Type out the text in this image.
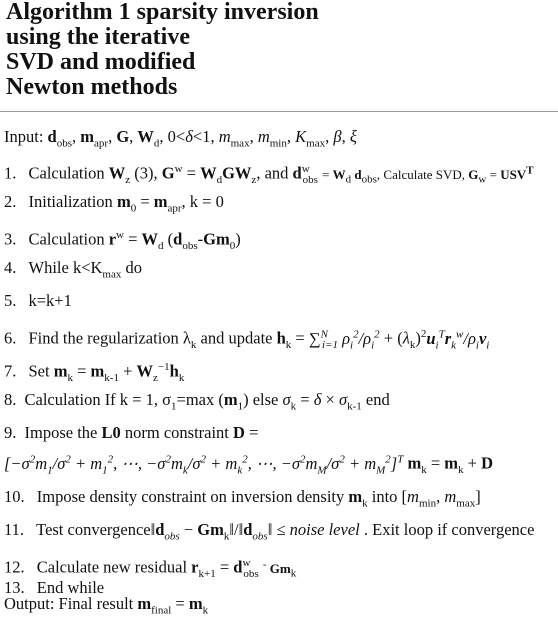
Algorithm 1 sparsity inversion
using the iterative
SVD and modified
Newton methods
Input: $d_{obs}$, $m_{apr}$, G, $W_d$, 0<δ<1, $m_{max}$, $m_{min}$, $K_{max}$, β, ξ
1. Calculation $W_z$ (3), $G^w = W_dGW_z$, and $d^w_{obs} = W_d$ $d_{obs}$, Calculate SVD, $G_w = USV^T$
2. Initialization $m_0 = m_{apr}$, k = 0
3. Calculation $r^w = W_d$ $(d_{obs}-Gm_0)$
4. While $k<K_{max}$ do
5. k=k+1
6. Find the regularization $\lambda_k$ and update $h_k = \sum^N_{i=1}$ $\rho_i^2/\rho_i^2 + (\lambda_k)^2u_i^Tr_k^w/\rho_iv_i$
7. Set $m_k = m_{k-1} + W_z^{-1}h_k$
8. Calculation If k = 1, $\sigma_1=\max$ $(m_1)$ else $\sigma_k = \delta \times \sigma_{k-1}$ end
9. Impose the L0 norm constraint D =
[$-\sigma^2m_1/\sigma^2 + m_1^2$, ⋯, $-\sigma^2m_k/\sigma^2 + m_k^2$, ⋯, $-\sigma^2m_M/\sigma^2 + m_M^2]^T$ $m_k = m_k + D$
10. Impose density constraint on inversion density $m_k$ into [$m_{min}$, $m_{max}$]
11. Test $convergence‖d_{obs}$ − $Gm_k‖/‖d_{obs}‖$ ≤ noise level . Exit loop if convergence
12. Calculate new residual $r_{k+1} = d^w_{obs}$ - $Gm_k$
13. End while
Output: Final result $m_{final} = m_k$
